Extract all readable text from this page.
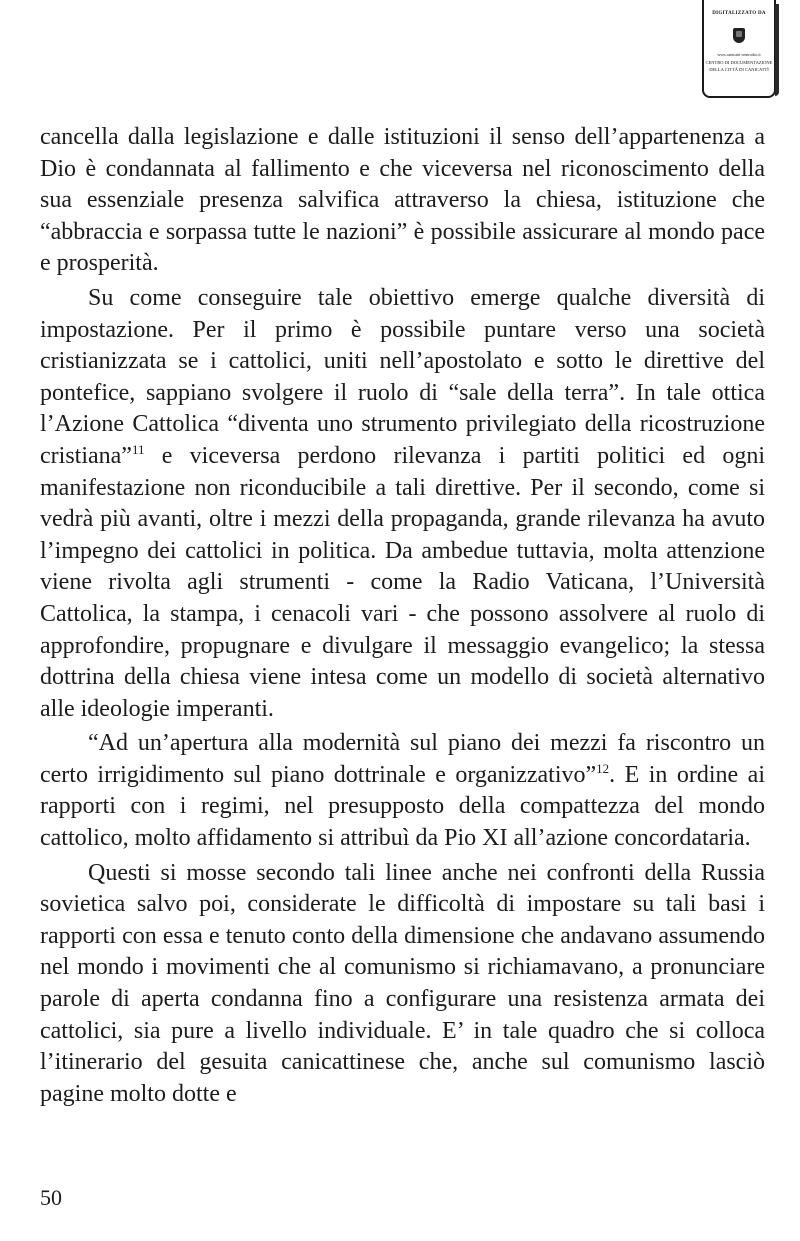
DIGITALIZZATO DA
www.canicatti-centrodoc.it
CENTRO DI DOCUMENTAZIONE
DELLA CITTÀ DI CANICATTÌ

cancella dalla legislazione e dalle istituzioni il senso dell’appartenenza a Dio è condannata al fallimento e che viceversa nel riconoscimento della sua essenziale presenza salvifica attraverso la chiesa, istituzione che “abbraccia e sorpassa tutte le nazioni” è possibile assicurare al mondo pace e prosperità.

Su come conseguire tale obiettivo emerge qualche diversità di impostazione. Per il primo è possibile puntare verso una società cristianizzata se i cattolici, uniti nell’apostolato e sotto le direttive del pontefice, sappiano svolgere il ruolo di “sale della terra”. In tale ottica l’Azione Cattolica “diventa uno strumento privilegiato della ricostruzione cristiana”$^{11}$ e viceversa perdono rilevanza i partiti politici ed ogni manifestazione non riconducibile a tali direttive. Per il secondo, come si vedrà più avanti, oltre i mezzi della propaganda, grande rilevanza ha avuto l’impegno dei cattolici in politica. Da ambedue tuttavia, molta attenzione viene rivolta agli strumenti - come la Radio Vaticana, l’Università Cattolica, la stampa, i cenacoli vari - che possono assolvere al ruolo di approfondire, propugnare e divulgare il messaggio evangelico; la stessa dottrina della chiesa viene intesa come un modello di società alternativo alle ideologie imperanti.

“Ad un’apertura alla modernità sul piano dei mezzi fa riscontro un certo irrigidimento sul piano dottrinale e organizzativo”$^{12}$. E in ordine ai rapporti con i regimi, nel presupposto della compattezza del mondo cattolico, molto affidamento si attribuì da Pio XI all’azione concordataria.

Questi si mosse secondo tali linee anche nei confronti della Russia sovietica salvo poi, considerate le difficoltà di impostare su tali basi i rapporti con essa e tenuto conto della dimensione che andavano assumendo nel mondo i movimenti che al comunismo si richiamavano, a pronunciare parole di aperta condanna fino a configurare una resistenza armata dei cattolici, sia pure a livello individuale. E’ in tale quadro che si colloca l’itinerario del gesuita canicattinese che, anche sul comunismo lasciò pagine molto dotte e

50
